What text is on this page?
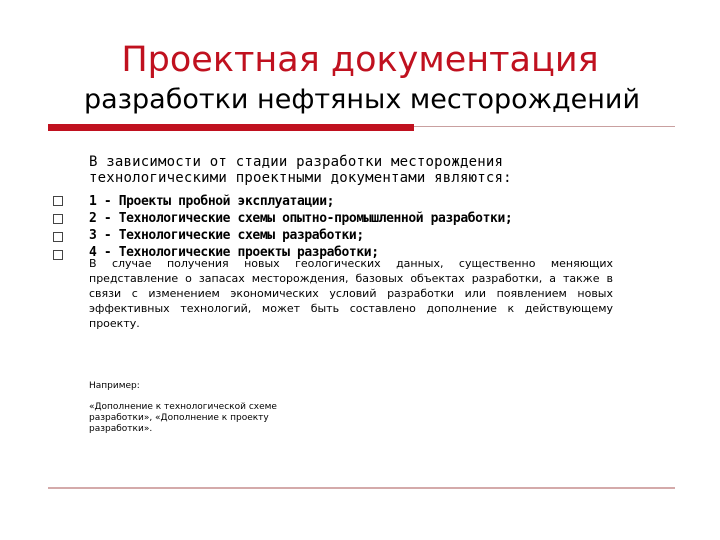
Проектная документация
разработки нефтяных месторождений
В зависимости от стадии разработки месторождения
технологическими проектными документами являются:
1 - Проекты пробной эксплуатации;
2 - Технологические схемы опытно-промышленной разработки;
3 - Технологические схемы разработки;
4 - Технологические проекты разработки;
В случае получения новых геологических данных, существенно меняющих представление о запасах месторождения, базовых объектах разработки, а также в связи с изменением экономических условий разработки или появлением новых эффективных технологий, может быть составлено дополнение к действующему проекту.
Например:
«Дополнение к технологической схеме разработки», «Дополнение к проекту разработки».
